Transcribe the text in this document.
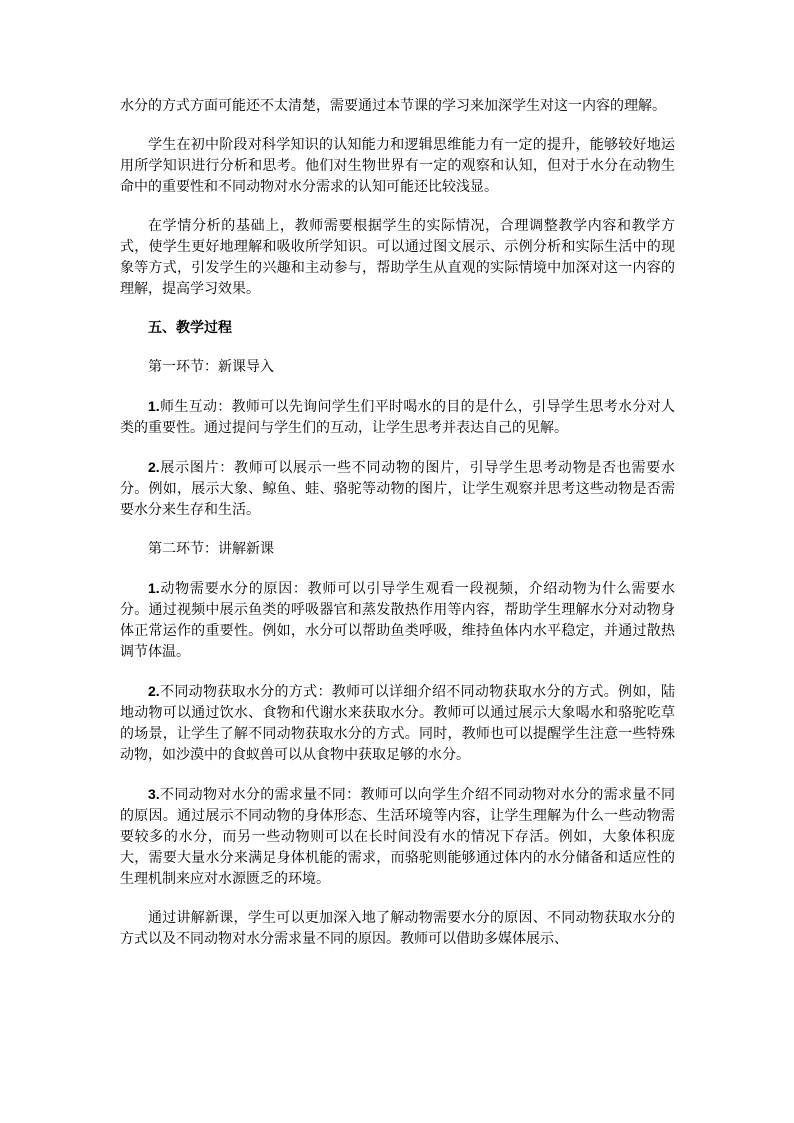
水分的方式方面可能还不太清楚，需要通过本节课的学习来加深学生对这一内容的理解。

学生在初中阶段对科学知识的认知能力和逻辑思维能力有一定的提升，能够较好地运用所学知识进行分析和思考。他们对生物世界有一定的观察和认知，但对于水分在动物生命中的重要性和不同动物对水分需求的认知可能还比较浅显。

在学情分析的基础上，教师需要根据学生的实际情况，合理调整教学内容和教学方式，使学生更好地理解和吸收所学知识。可以通过图文展示、示例分析和实际生活中的现象等方式，引发学生的兴趣和主动参与，帮助学生从直观的实际情境中加深对这一内容的理解，提高学习效果。

五、教学过程

第一环节：新课导入

1.师生互动：教师可以先询问学生们平时喝水的目的是什么，引导学生思考水分对人类的重要性。通过提问与学生们的互动，让学生思考并表达自己的见解。

2.展示图片：教师可以展示一些不同动物的图片，引导学生思考动物是否也需要水分。例如，展示大象、鲸鱼、蛙、骆驼等动物的图片，让学生观察并思考这些动物是否需要水分来生存和生活。

第二环节：讲解新课

1.动物需要水分的原因：教师可以引导学生观看一段视频，介绍动物为什么需要水分。通过视频中展示鱼类的呼吸器官和蒸发散热作用等内容，帮助学生理解水分对动物身体正常运作的重要性。例如，水分可以帮助鱼类呼吸，维持鱼体内水平稳定，并通过散热调节体温。

2.不同动物获取水分的方式：教师可以详细介绍不同动物获取水分的方式。例如，陆地动物可以通过饮水、食物和代谢水来获取水分。教师可以通过展示大象喝水和骆驼吃草的场景，让学生了解不同动物获取水分的方式。同时，教师也可以提醒学生注意一些特殊动物，如沙漠中的食蚁兽可以从食物中获取足够的水分。

3.不同动物对水分的需求量不同：教师可以向学生介绍不同动物对水分的需求量不同的原因。通过展示不同动物的身体形态、生活环境等内容，让学生理解为什么一些动物需要较多的水分，而另一些动物则可以在长时间没有水的情况下存活。例如，大象体积庞大，需要大量水分来满足身体机能的需求，而骆驼则能够通过体内的水分储备和适应性的生理机制来应对水源匮乏的环境。

通过讲解新课，学生可以更加深入地了解动物需要水分的原因、不同动物获取水分的方式以及不同动物对水分需求量不同的原因。教师可以借助多媒体展示、
